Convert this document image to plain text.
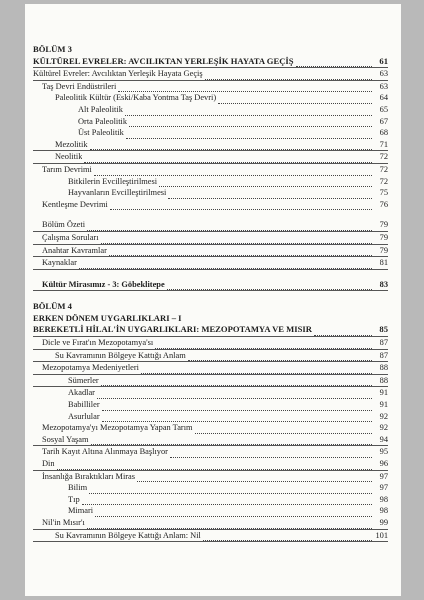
BÖLÜM 3
KÜLTÜREL EVRELER: AVCILIKTAN YERLEŞİK HAYATA GEÇİŞ	61
Kültürel Evreler: Avcılıktan Yerleşik Hayata Geçiş	63
Taş Devri Endüstrileri	63
Paleolitik Kültür (Eski/Kaba Yontma Taş Devri)	64
Alt Paleolitik	65
Orta Paleolitik	67
Üst Paleolitik	68
Mezolitik	71
Neolitik	72
Tarım Devrimi	72
Bitkilerin Evcilleştirilmesi	72
Hayvanların Evcilleştirilmesi	75
Kentleşme Devrimi	76
Bölüm Özeti	79
Çalışma Soruları	79
Anahtar Kavramlar	79
Kaynaklar	81
Kültür Mirasımız - 3: Göbeklitepe	83
BÖLÜM 4
ERKEN DÖNEM UYGARLIKLARI – I
BEREKETLİ HİLAL'İN UYGARLIKLARI: MEZOPOTAMYA VE MISIR	85
Dicle ve Fırat'ın Mezopotamya'sı	87
Su Kavramının Bölgeye Kattığı Anlam	87
Mezopotamya Medeniyetleri	88
Sümerler	88
Akadlar	91
Babilliler	91
Asurlular	92
Mezopotamya'yı Mezopotamya Yapan Tarım	92
Sosyal Yaşam	94
Tarih Kayıt Altına Alınmaya Başlıyor	95
Din	96
İnsanlığa Bıraktıkları Miras	97
Bilim	97
Tıp	98
Mimari	98
Nil'in Mısır'ı	99
Su Kavramının Bölgeye Kattığı Anlam: Nil	101
